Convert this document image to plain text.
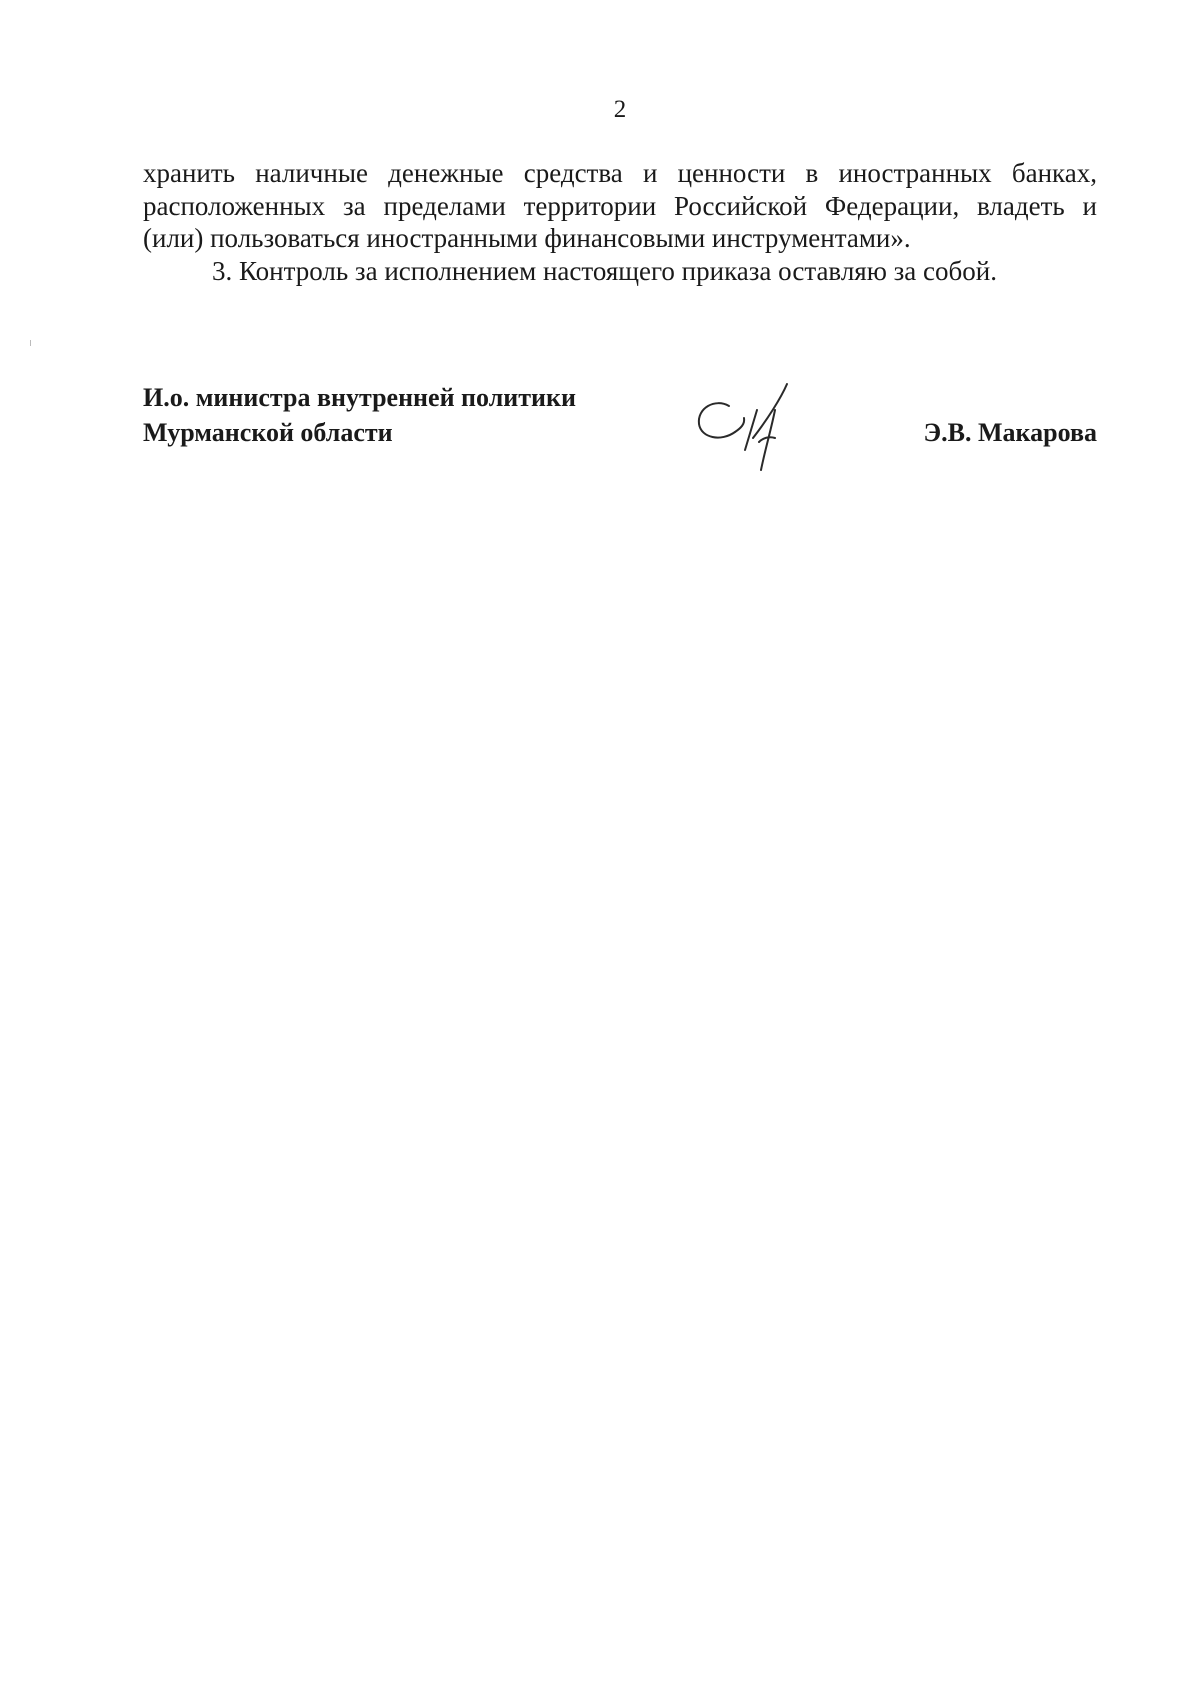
2

хранить наличные денежные средства и ценности в иностранных банках,
расположенных за пределами территории Российской Федерации, владеть и
(или) пользоваться иностранными финансовыми инструментами».

3. Контроль за исполнением настоящего приказа оставляю за собой.

И.о. министра внутренней политики
Мурманской области	Э.В. Макарова
